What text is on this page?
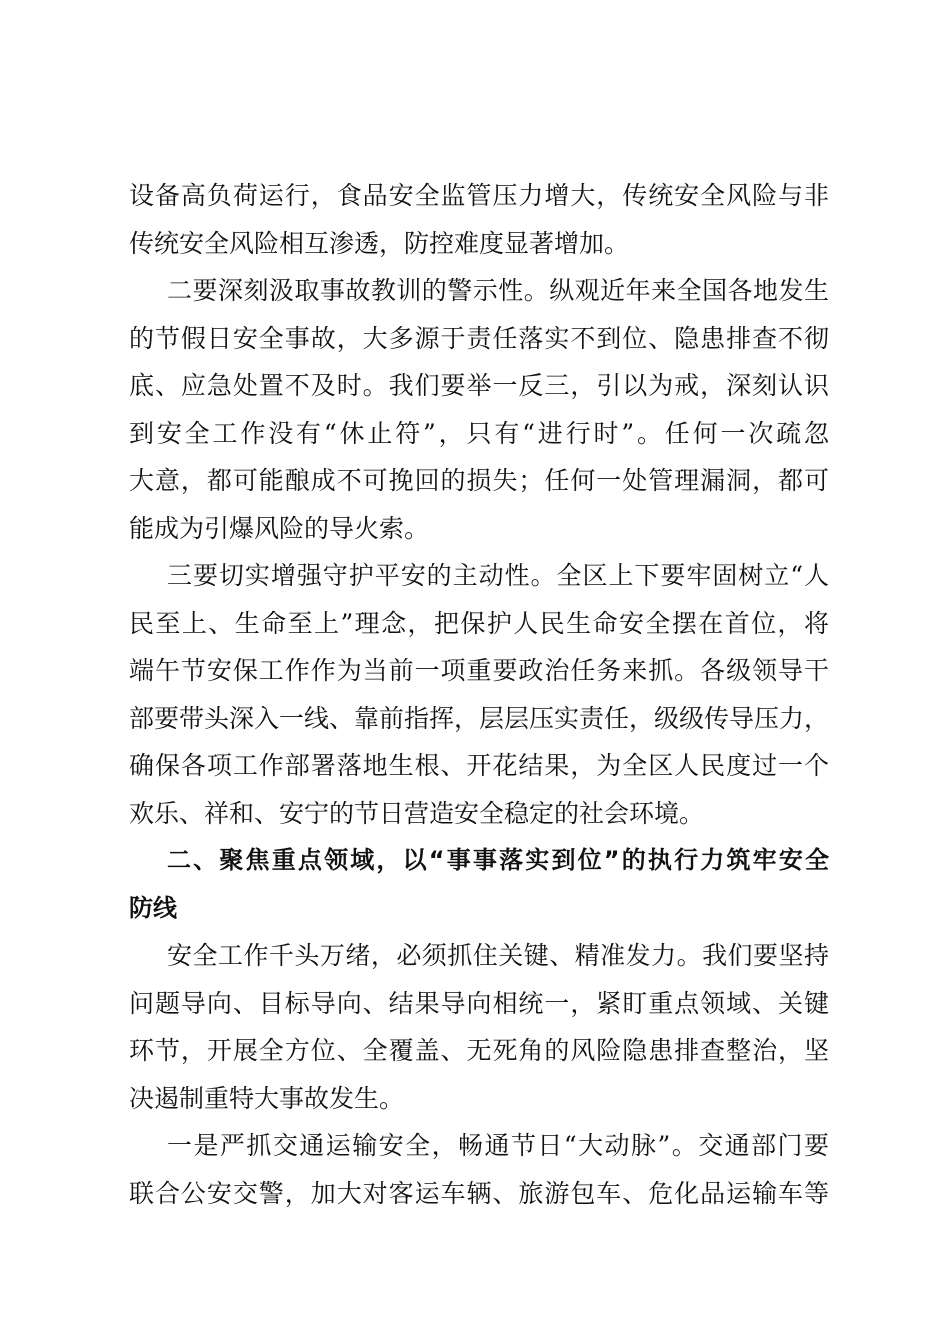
设备高负荷运行，食品安全监管压力增大，传统安全风险与非
传统安全风险相互渗透，防控难度显著增加。
二要深刻汲取事故教训的警示性。纵观近年来全国各地发生
的节假日安全事故，大多源于责任落实不到位、隐患排查不彻
底、应急处置不及时。我们要举一反三，引以为戒，深刻认识
到安全工作没有“休止符”，只有“进行时”。任何一次疏忽
大意，都可能酿成不可挽回的损失；任何一处管理漏洞，都可
能成为引爆风险的导火索。
三要切实增强守护平安的主动性。全区上下要牢固树立“人
民至上、生命至上”理念，把保护人民生命安全摆在首位，将
端午节安保工作作为当前一项重要政治任务来抓。各级领导干
部要带头深入一线、靠前指挥，层层压实责任，级级传导压力，
确保各项工作部署落地生根、开花结果，为全区人民度过一个
欢乐、祥和、安宁的节日营造安全稳定的社会环境。
二、聚焦重点领域，以“事事落实到位”的执行力筑牢安全
防线
安全工作千头万绪，必须抓住关键、精准发力。我们要坚持
问题导向、目标导向、结果导向相统一，紧盯重点领域、关键
环节，开展全方位、全覆盖、无死角的风险隐患排查整治，坚
决遏制重特大事故发生。
一是严抓交通运输安全，畅通节日“大动脉”。交通部门要
联合公安交警，加大对客运车辆、旅游包车、危化品运输车等
